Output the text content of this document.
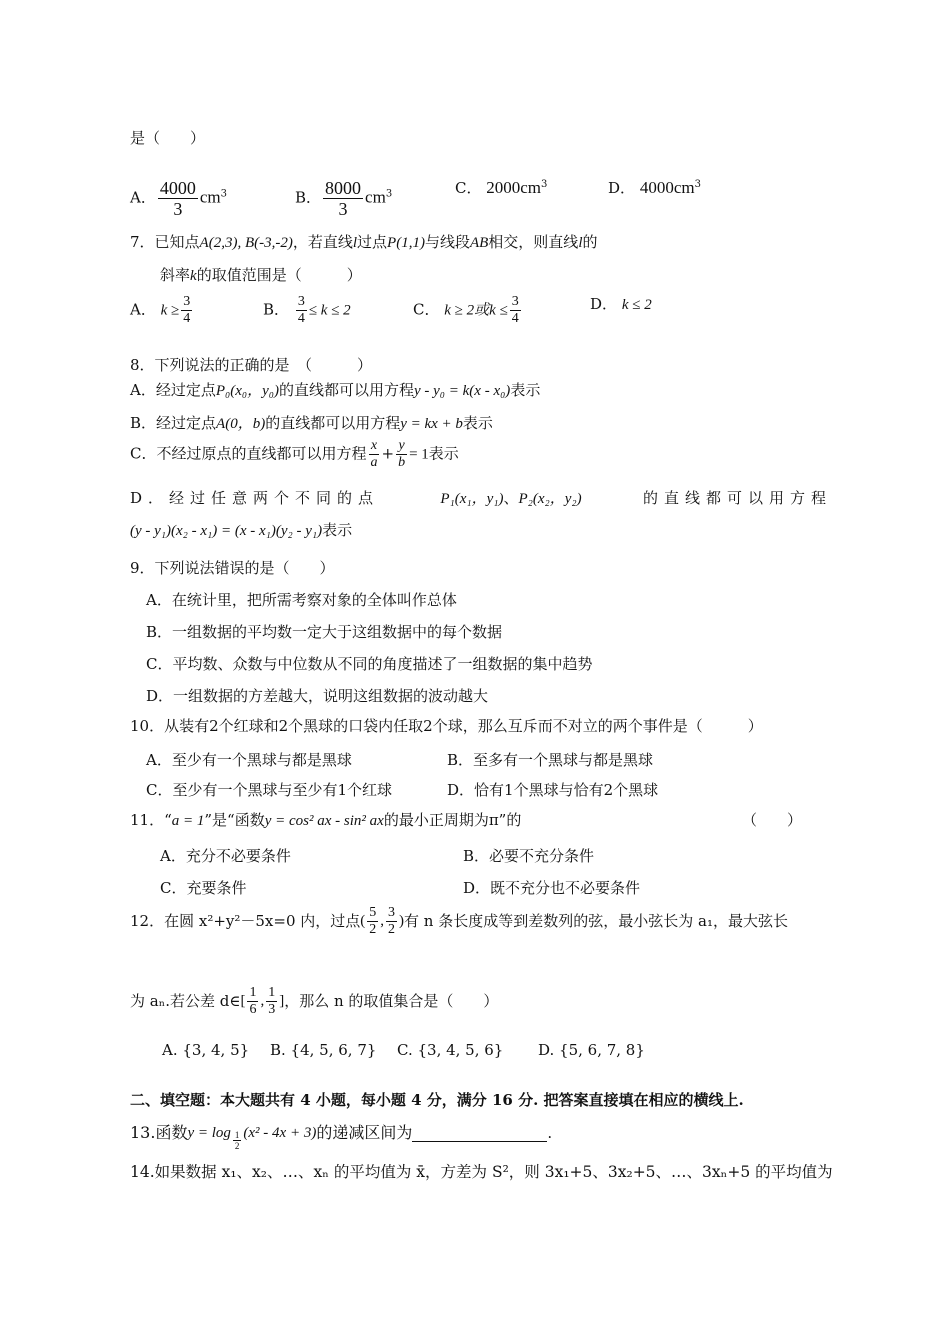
是（　　）
A． $\frac{4000}{3} cm^3$	B． $\frac{8000}{3} cm^3$	C． $2000cm^3$	D． $4000cm^3$
7．已知点A(2,3), B(-3,-2)，若直线l过点P(1,1)与线段AB相交，则直线l的
斜率k的取值范围是（　　　）
A． $k \ge \frac{3}{4}$	B． $\frac{3}{4} \le k \le 2$	C． k ≥ 2或$k \le \frac{3}{4}$	D． k ≤ 2
8．下列说法的正确的是　（　　　）
A．经过定点P₀(x₀，y₀)的直线都可以用方程y - y₀ = k(x - x₀)表示
B．经过定点A(0，b)的直线都可以用方程y = kx + b表示
C．不经过原点的直线都可以用方程 $\frac{x}{a} + \frac{y}{b} = 1$表示
D．经过任意两个不同的点	P₁(x₁，y₁)、P₂(x₂，y₂)	的直线都可以用方程
(y - y₁)(x₂ - x₁) = (x - x₁)(y₂ - y₁)表示
9．下列说法错误的是（　　）
A．在统计里，把所需考察对象的全体叫作总体
B．一组数据的平均数一定大于这组数据中的每个数据
C．平均数、众数与中位数从不同的角度描述了一组数据的集中趋势
D．一组数据的方差越大，说明这组数据的波动越大
10．从装有2个红球和2个黑球的口袋内任取2个球，那么互斥而不对立的两个事件是（　　　）
A．至少有一个黑球与都是黑球	B．至多有一个黑球与都是黑球
C．至少有一个黑球与至少有1个红球	D．恰有1个黑球与恰有2个黑球
11．“a = 1”是“函数y = cos² ax - sin² ax的最小正周期为π”的	（　　）
A．充分不必要条件	B．必要不充分条件
C．充要条件	D．既不充分也不必要条件
12．在圆 x²+y²－5x=0 内，过点 ( $\frac{5}{2}$ , $\frac{3}{2}$ ) 有 n 条长度成等到差数列的弦，最小弦长为 a₁，最大弦长
为 aₙ.若公差 d∈ [ $\frac{1}{6}$ , $\frac{1}{3}$ ] ，那么 n 的取值集合是（　　）
A. {3, 4, 5} B. {4, 5, 6, 7} C. {3, 4, 5, 6} D. {5, 6, 7, 8}
二、填空题：本大题共有 4 小题，每小题 4 分，满分 16 分. 把答案直接填在相应的横线上.
13.函数 $y = \log \frac{1}{2} (x^2 - 4x + 3)$ 的递减区间为	.
14.如果数据 x₁、x₂、…、xₙ 的平均值为 x̄，方差为 S²，则 3x₁+5、3x₂+5、…、3xₙ+5 的平均值为
